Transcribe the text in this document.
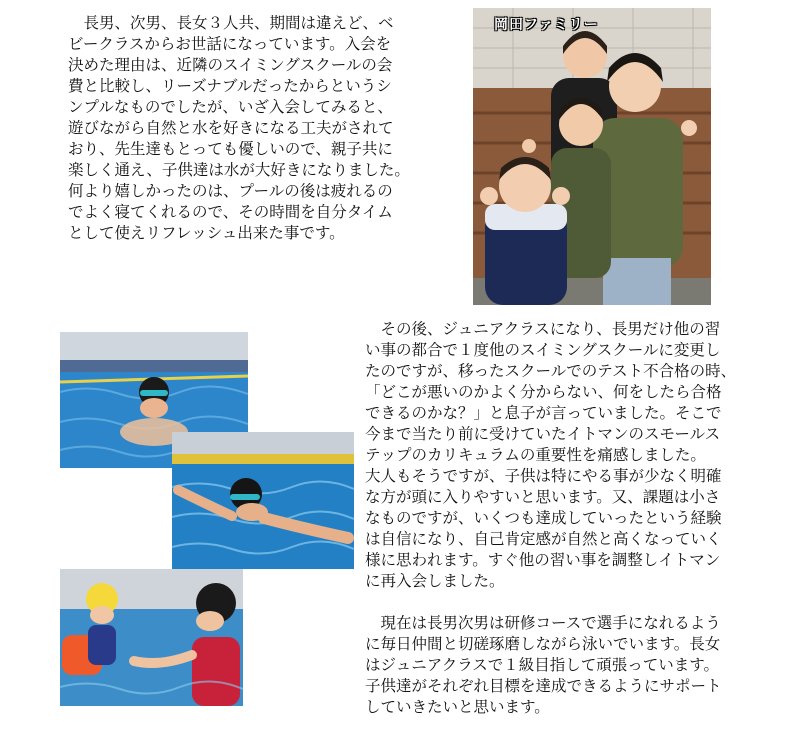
　長男、次男、長女３人共、期間は違えど、ベ
ビークラスからお世話になっています。入会を
決めた理由は、近隣のスイミングスクールの会
費と比較し、リーズナブルだったからというシ
ンプルなものでしたが、いざ入会してみると、
遊びながら自然と水を好きになる工夫がされて
おり、先生達もとっても優しいので、親子共に
楽しく通え、子供達は水が大好きになりました。
何より嬉しかったのは、プールの後は疲れるの
でよく寝てくれるので、その時間を自分タイム
として使えリフレッシュ出来た事です。
岡田ファミリー
　その後、ジュニアクラスになり、長男だけ他の習
い事の都合で１度他のスイミングスクールに変更し
たのですが、移ったスクールでのテスト不合格の時、
「どこが悪いのかよく分からない、何をしたら合格
できるのかな？」と息子が言っていました。そこで
今まで当たり前に受けていたイトマンのスモールス
テップのカリキュラムの重要性を痛感しました。
大人もそうですが、子供は特にやる事が少なく明確
な方が頭に入りやすいと思います。又、課題は小さ
なものですが、いくつも達成していったという経験
は自信になり、自己肯定感が自然と高くなっていく
様に思われます。すぐ他の習い事を調整しイトマン
に再入会しました。
　現在は長男次男は研修コースで選手になれるよう
に毎日仲間と切磋琢磨しながら泳いでいます。長女
はジュニアクラスで１級目指して頑張っています。
子供達がそれぞれ目標を達成できるようにサポート
していきたいと思います。
